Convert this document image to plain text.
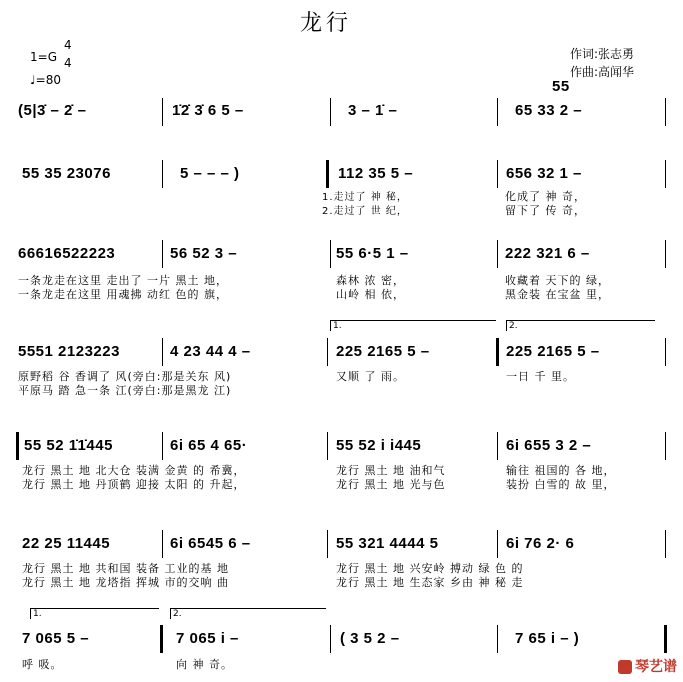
龙行
1=G
4
4
♩=80
作词:张志勇
作曲:高闻华
55
(5|3̇ – 2̇ –	1̇2̇ 3̇ 6 5 –	3 – 1̇ –	65 33 2 –
55 35 23076	5 – – – )	112 35 5 –	656 32 1 –
1.走过了 神 秘，
2.走过了 世 纪，
化成了 神 奇，
留下了 传 奇，
66616522223	56 52 3 –	55 6·5 1 –	222 321 6 –
一条龙走在这里 走出了 一片 黑土 地，
一条龙走在这里 用魂拂 动红 色的 旗，
森林 浓 密，
山岭 相 依，
收藏着 天下的 绿，
黑金装 在宝盆 里，
1.	2.
5551 2123223	4 23 44 4 –	225 2165 5 –	225 2165 5 –
原野稻 谷 香调了 风(旁白:那是关东 风)
平原马 踏 急一条 江(旁白:那是黑龙 江)
又顺 了 雨。	一日 千 里。
55 52 1̇1̇445	6i 65 4 65·	55 52 i i445	6i 655 3 2 –
龙行 黑土 地 北大仓 装满 金黄 的 希冀，
龙行 黑土 地 丹顶鹤 迎接 太阳 的 升起，
龙行 黑土 地 油和气
龙行 黑土 地 光与色
输往 祖国的 各 地，
装扮 白雪的 故 里，
22 25 11445	6i 6545 6 –	55 321 4444 5	6i 76 2· 6
龙行 黑土 地 共和国 装备 工业的基 地
龙行 黑土 地 龙塔指 挥城 市的交响 曲
龙行 黑土 地 兴安岭 搏动 绿 色 的
龙行 黑土 地 生态家 乡由 神 秘 走
1.	2.
7 065 5 –	7 065 i –	( 3 5 2 –	7 65 i – )
呼 吸。	向 神 奇。	琴艺谱
